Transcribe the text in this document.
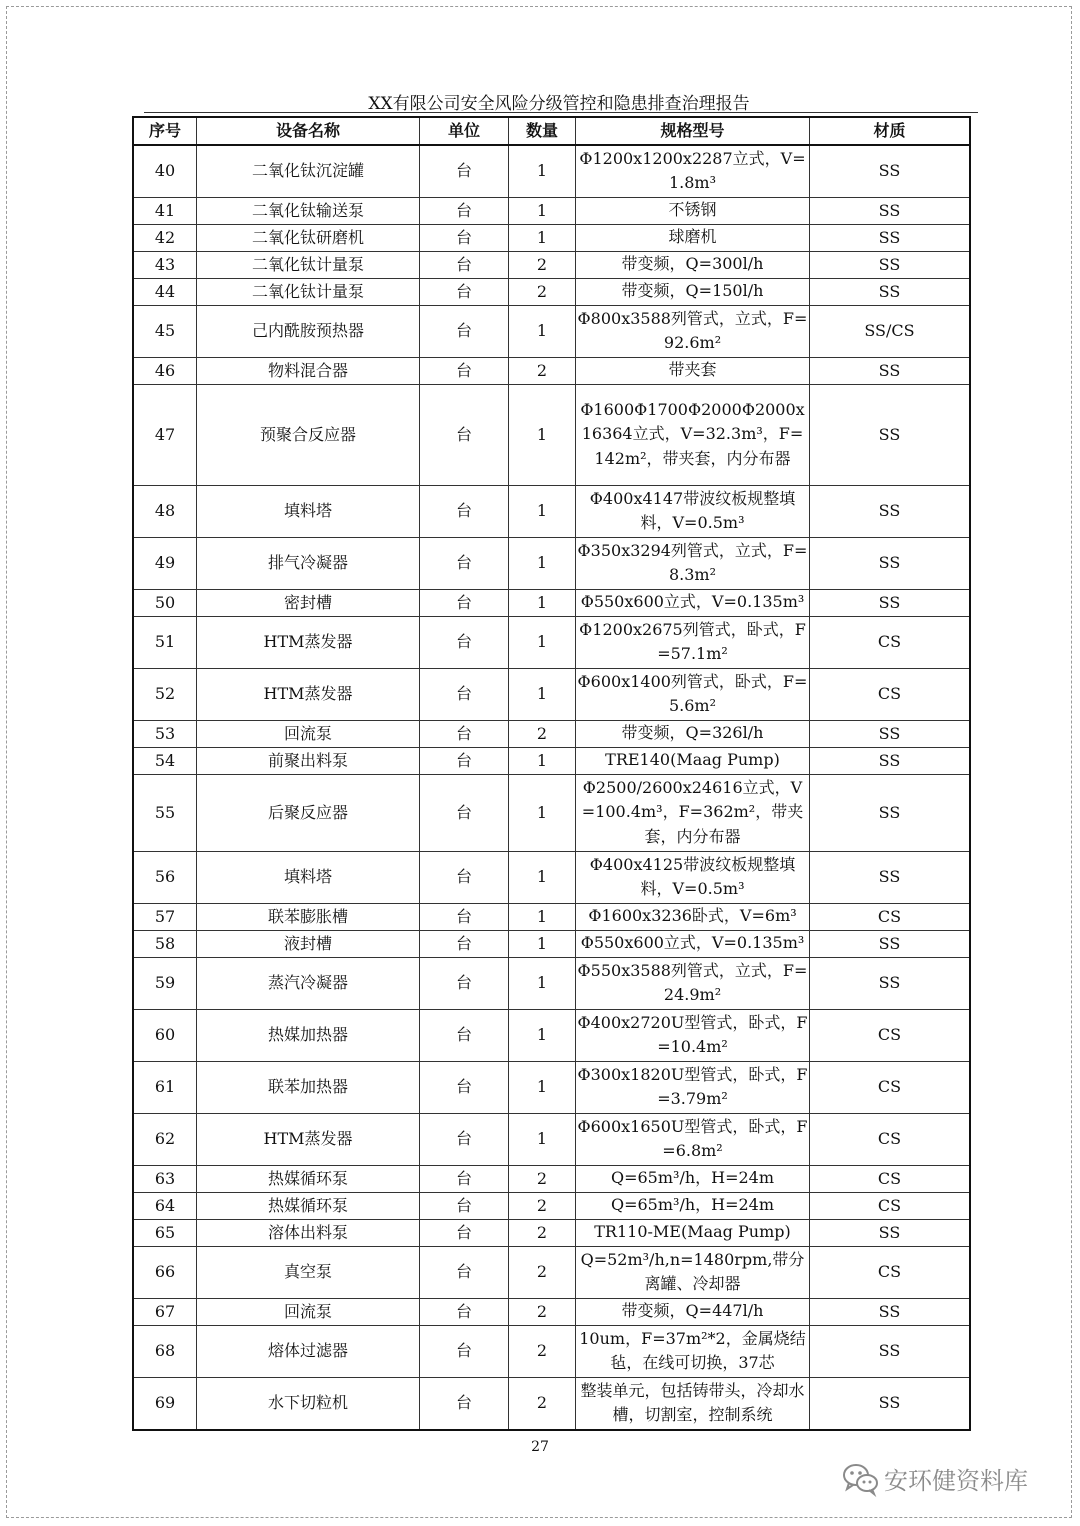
XX有限公司安全风险分级管控和隐患排查治理报告
序号	设备名称	单位	数量	规格型号	材质
40	二氧化钛沉淀罐	台	1	Φ1200x1200x2287立式，V=1.8m³	SS
41	二氧化钛输送泵	台	1	不锈钢	SS
42	二氧化钛研磨机	台	1	球磨机	SS
43	二氧化钛计量泵	台	2	带变频，Q=300l/h	SS
44	二氧化钛计量泵	台	2	带变频，Q=150l/h	SS
45	己内酰胺预热器	台	1	Φ800x3588列管式，立式，F=92.6m²	SS/CS
46	物料混合器	台	2	带夹套	SS
47	预聚合反应器	台	1	Φ1600Φ1700Φ2000Φ2000x16364立式，V=32.3m³，F=142m²，带夹套，内分布器	SS
48	填料塔	台	1	Φ400x4147带波纹板规整填料，V=0.5m³	SS
49	排气冷凝器	台	1	Φ350x3294列管式，立式，F=8.3m²	SS
50	密封槽	台	1	Φ550x600立式，V=0.135m³	SS
51	HTM蒸发器	台	1	Φ1200x2675列管式，卧式，F=57.1m²	CS
52	HTM蒸发器	台	1	Φ600x1400列管式，卧式，F=5.6m²	CS
53	回流泵	台	2	带变频，Q=326l/h	SS
54	前聚出料泵	台	1	TRE140(Maag Pump)	SS
55	后聚反应器	台	1	Φ2500/2600x24616立式，V=100.4m³，F=362m²，带夹套，内分布器	SS
56	填料塔	台	1	Φ400x4125带波纹板规整填料，V=0.5m³	SS
57	联苯膨胀槽	台	1	Φ1600x3236卧式，V=6m³	CS
58	液封槽	台	1	Φ550x600立式，V=0.135m³	SS
59	蒸汽冷凝器	台	1	Φ550x3588列管式，立式，F=24.9m²	SS
60	热媒加热器	台	1	Φ400x2720U型管式，卧式，F=10.4m²	CS
61	联苯加热器	台	1	Φ300x1820U型管式，卧式，F=3.79m²	CS
62	HTM蒸发器	台	1	Φ600x1650U型管式，卧式，F=6.8m²	CS
63	热媒循环泵	台	2	Q=65m³/h，H=24m	CS
64	热媒循环泵	台	2	Q=65m³/h，H=24m	CS
65	溶体出料泵	台	2	TR110-ME(Maag Pump)	SS
66	真空泵	台	2	Q=52m³/h,n=1480rpm,带分离罐、冷却器	CS
67	回流泵	台	2	带变频，Q=447l/h	SS
68	熔体过滤器	台	2	10um，F=37m²*2，金属烧结毡，在线可切换，37芯	SS
69	水下切粒机	台	2	整装单元，包括铸带头，冷却水槽，切割室，控制系统	SS
27
安环健资料库
